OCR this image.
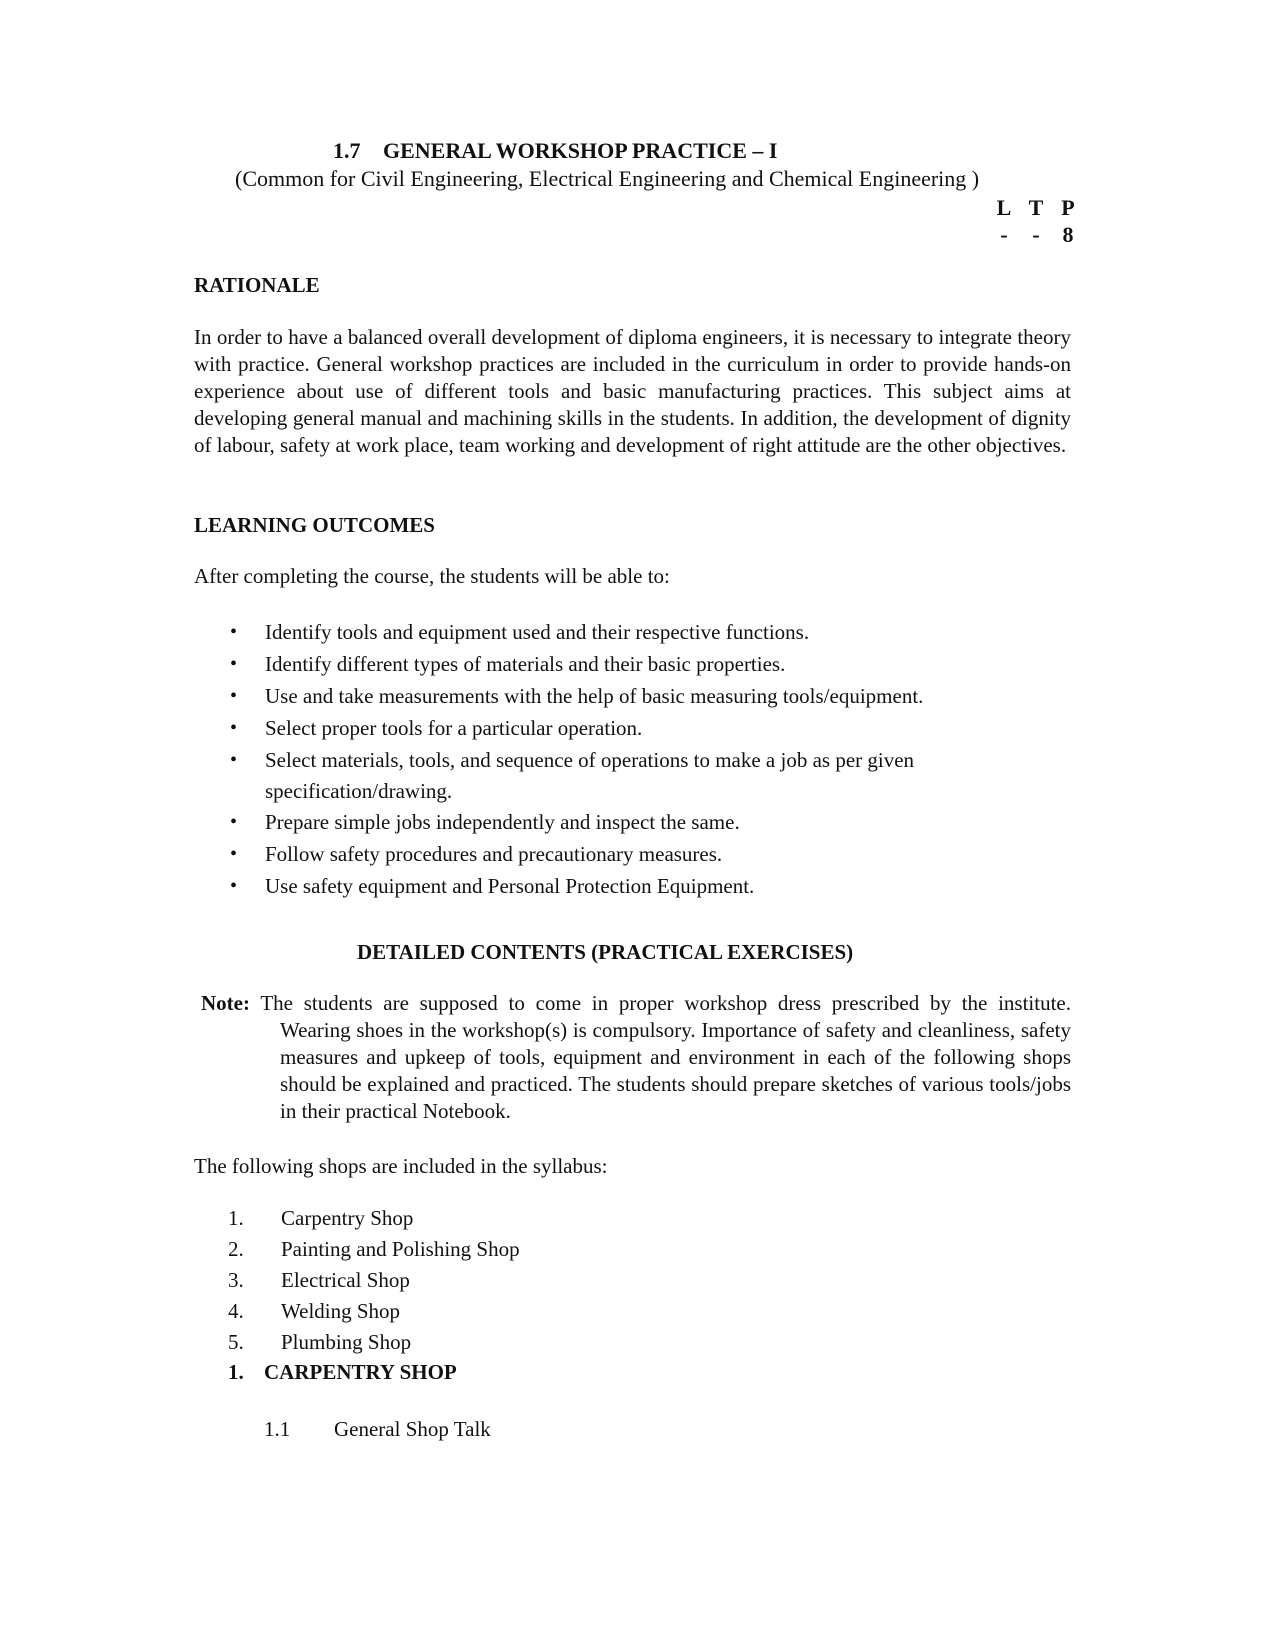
1.7 GENERAL WORKSHOP PRACTICE – I
(Common for Civil Engineering, Electrical Engineering and Chemical Engineering )
L T P
-	-	8
RATIONALE
In order to have a balanced overall development of diploma engineers, it is necessary to integrate theory with practice. General workshop practices are included in the curriculum in order to provide hands-on experience about use of different tools and basic manufacturing practices. This subject aims at developing general manual and machining skills in the students. In addition, the development of dignity of labour, safety at work place, team working and development of right attitude are the other objectives.
LEARNING OUTCOMES
After completing the course, the students will be able to:
• Identify tools and equipment used and their respective functions.
• Identify different types of materials and their basic properties.
• Use and take measurements with the help of basic measuring tools/equipment.
• Select proper tools for a particular operation.
• Select materials, tools, and sequence of operations to make a job as per given
specification/drawing.
• Prepare simple jobs independently and inspect the same.
• Follow safety procedures and precautionary measures.
• Use safety equipment and Personal Protection Equipment.
DETAILED CONTENTS (PRACTICAL EXERCISES)
Note: The students are supposed to come in proper workshop dress prescribed by the institute.
Wearing shoes in the workshop(s) is compulsory. Importance of safety and cleanliness, safety measures and upkeep of tools, equipment and environment in each of the following shops should be explained and practiced. The students should prepare sketches of various tools/jobs in their practical Notebook.
The following shops are included in the syllabus:
1.	Carpentry Shop
2.	Painting and Polishing Shop
3.	Electrical Shop
4.	Welding Shop
5.	Plumbing Shop
1. CARPENTRY SHOP
1.1 General Shop Talk
